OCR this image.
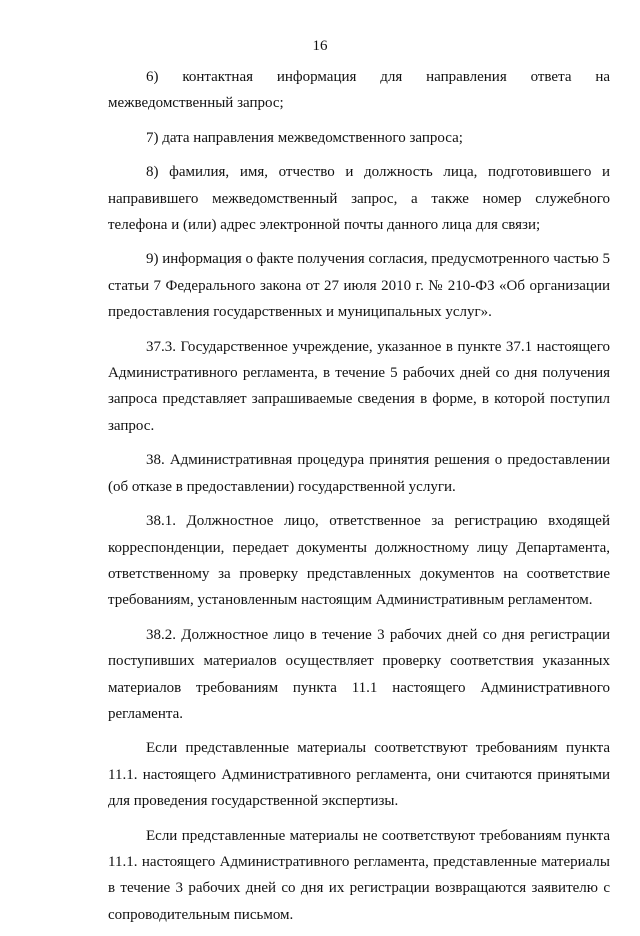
16

6) контактная информация для направления ответа на межведомственный запрос;

7) дата направления межведомственного запроса;

8) фамилия, имя, отчество и должность лица, подготовившего и направившего межведомственный запрос, а также номер служебного телефона и (или) адрес электронной почты данного лица для связи;

9) информация о факте получения согласия, предусмотренного частью 5 статьи 7 Федерального закона от 27 июля 2010 г. № 210-ФЗ «Об организации предоставления государственных и муниципальных услуг».

37.3. Государственное учреждение, указанное в пункте 37.1 настоящего Административного регламента, в течение 5 рабочих дней со дня получения запроса представляет запрашиваемые сведения в форме, в которой поступил запрос.

38. Административная процедура принятия решения о предоставлении (об отказе в предоставлении) государственной услуги.

38.1. Должностное лицо, ответственное за регистрацию входящей корреспонденции, передает документы должностному лицу Департамента, ответственному за проверку представленных документов на соответствие требованиям, установленным настоящим Административным регламентом.

38.2. Должностное лицо в течение 3 рабочих дней со дня регистрации поступивших материалов осуществляет проверку соответствия указанных материалов требованиям пункта 11.1 настоящего Административного регламента.

Если представленные материалы соответствуют требованиям пункта 11.1. настоящего Административного регламента, они считаются принятыми для проведения государственной экспертизы.

Если представленные материалы не соответствуют требованиям пункта 11.1. настоящего Административного регламента, представленные материалы в течение 3 рабочих дней со дня их регистрации возвращаются заявителю с сопроводительным письмом.
